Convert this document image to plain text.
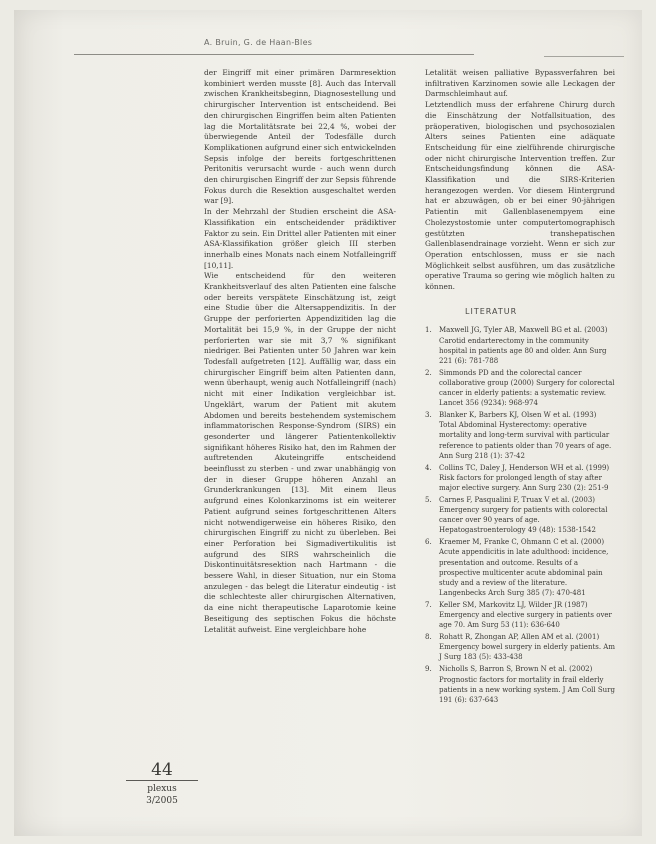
A. Bruin, G. de Haan-Bles

der Eingriff mit einer primären Darmresektion kombiniert werden musste [8]. Auch das Intervall zwischen Krankheitsbeginn, Diagnosestellung und chirurgischer Intervention ist entscheidend. Bei den chirurgischen Eingriffen beim alten Patienten lag die Mortalitätsrate bei 22,4 %, wobei der überwiegende Anteil der Todesfälle durch Komplikationen aufgrund einer sich entwickelnden Sepsis infolge der bereits fortgeschrittenen Peritonitis verursacht wurde - auch wenn durch den chirurgischen Eingriff der zur Sepsis führende Fokus durch die Resektion ausgeschaltet werden war [9].

In der Mehrzahl der Studien erscheint die ASA-Klassifikation ein entscheidender prädiktiver Faktor zu sein. Ein Drittel aller Patienten mit einer ASA-Klassifikation größer gleich III sterben innerhalb eines Monats nach einem Notfalleingriff [10,11].

Wie entscheidend für den weiteren Krankheitsverlauf des alten Patienten eine falsche oder bereits verspätete Einschätzung ist, zeigt eine Studie über die Altersappendizitis. In der Gruppe der perforierten Appendizitiden lag die Mortalität bei 15,9 %, in der Gruppe der nicht perforierten war sie mit 3,7 % signifikant niedriger. Bei Patienten unter 50 Jahren war kein Todesfall aufgetreten [12]. Auffällig war, dass ein chirurgischer Eingriff beim alten Patienten dann, wenn überhaupt, wenig auch Notfalleingriff (nach) nicht mit einer Indikation vergleichbar ist. Ungeklärt, warum der Patient mit akutem Abdomen und bereits bestehendem systemischem inflammatorischen Response-Syndrom (SIRS) ein gesonderter und längerer Patientenkollektiv signifikant höheres Risiko hat, den im Rahmen der auftretenden Akuteingriffe entscheidend beeinflusst zu sterben - und zwar unabhängig von der in dieser Gruppe höheren Anzahl an Grunderkrankungen [13]. Mit einem Ileus aufgrund eines Kolonkarzinoms ist ein weiterer Patient aufgrund seines fortgeschrittenen Alters nicht notwendigerweise ein höheres Risiko, den chirurgischen Eingriff zu nicht zu überleben. Bei einer Perforation bei Sigmadivertikulitis ist aufgrund des SIRS wahrscheinlich die Diskontinuitätsresektion nach Hartmann - die bessere Wahl, in dieser Situation, nur ein Stoma anzulegen - das belegt die Literatur eindeutig - ist die schlechteste aller chirurgischen Alternativen, da eine nicht therapeutische Laparotomie keine Beseitigung des septischen Fokus die höchste Letalität aufweist. Eine vergleichbare hohe

Letalität weisen palliative Bypassverfahren bei infiltrativen Karzinomen sowie alle Leckagen der Darmschleimhaut auf.

Letztendlich muss der erfahrene Chirurg durch die Einschätzung der Notfallsituation, des präoperativen, biologischen und psychosozialen Alters seines Patienten eine adäquate Entscheidung für eine zielführende chirurgische oder nicht chirurgische Intervention treffen. Zur Entscheidungsfindung können die ASA-Klassifikation und die SIRS-Kriterien herangezogen werden. Vor diesem Hintergrund hat er abzuwägen, ob er bei einer 90-jährigen Patientin mit Gallenblasenempyem eine Cholezystostomie unter computertomographisch gestützten transhepatischen Gallenblasendrainage vorzieht. Wenn er sich zur Operation entschlossen, muss er sie nach Möglichkeit selbst ausführen, um das zusätzliche operative Trauma so gering wie möglich halten zu können.

LITERATUR
1.	Maxwell JG, Tyler AB, Maxwell BG et al. (2003) Carotid endarterectomy in the community hospital in patients age 80 and older. Ann Surg 221 (6): 781-788
2.	Simmonds PD and the colorectal cancer collaborative group (2000) Surgery for colorectal cancer in elderly patients: a systematic review. Lancet 356 (9234): 968-974
3.	Blanker K, Barbers KJ, Olsen W et al. (1993) Total Abdominal Hysterectomy: operative mortality and long-term survival with particular reference to patients older than 70 years of age. Ann Surg 218 (1): 37-42
4.	Collins TC, Daley J, Henderson WH et al. (1999) Risk factors for prolonged length of stay after major elective surgery. Ann Surg 230 (2): 251-9
5.	Carnes F, Pasqualini F, Truax V et al. (2003) Emergency surgery for patients with colorectal cancer over 90 years of age. Hepatogastroenterology 49 (48): 1538-1542
6.	Kraemer M, Franke C, Ohmann C et al. (2000) Acute appendicitis in late adulthood: incidence, presentation and outcome. Results of a prospective multicenter acute abdominal pain study and a review of the literature. Langenbecks Arch Surg 385 (7): 470-481
7.	Keller SM, Markovitz LJ, Wilder JR (1987) Emergency and elective surgery in patients over age 70. Am Surg 53 (11): 636-640
8.	Rohatt R, Zhongan AP, Allen AM et al. (2001) Emergency bowel surgery in elderly patients. Am J Surg 183 (5): 433-438
9.	Nicholls S, Barron S, Brown N et al. (2002) Prognostic factors for mortality in frail elderly patients in a new working system. J Am Coll Surg 191 (6): 637-643
44
plexus
3/2005
